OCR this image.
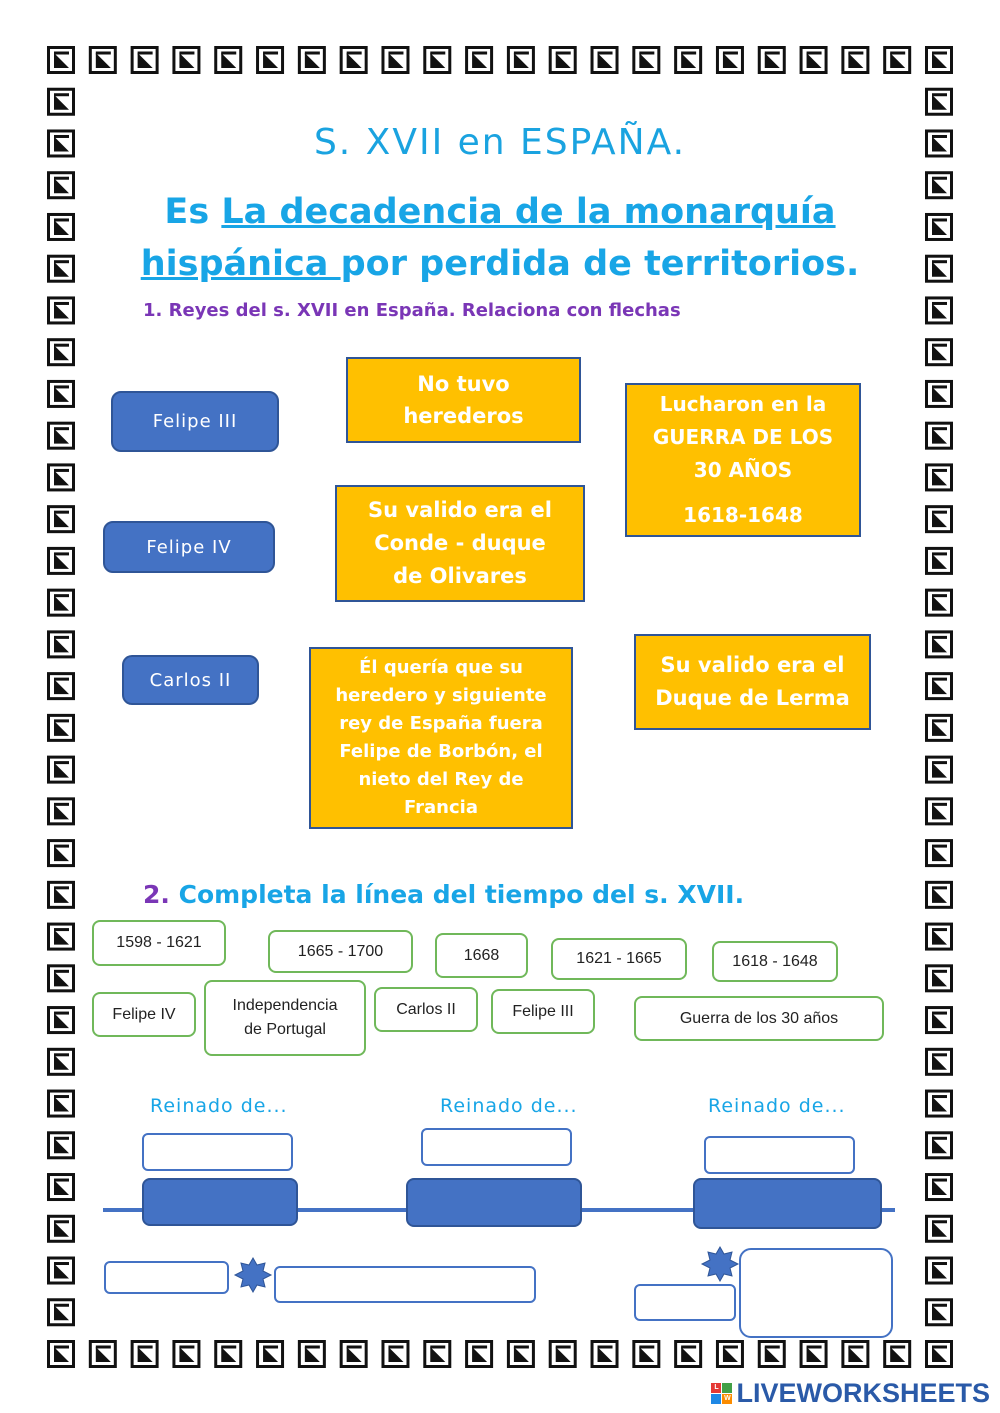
S. XVII en ESPAÑA.
Es La decadencia de la monarquía
hispánica por perdida de territorios.
1. Reyes del s. XVII en España. Relaciona con flechas
Felipe III
Felipe IV
Carlos II
No tuvo
herederos	Lucharon en la
GUERRA DE LOS
30 AÑOS
1618-1648
Su valido era el
Conde - duque
de Olivares
Su valido era el
Duque de Lerma
Él quería que su
heredero y siguiente
rey de España fuera
Felipe de Borbón, el
nieto del Rey de
Francia
2. Completa la línea del tiempo del s. XVII.
1598 - 1621	1665 - 1700	1668	1621 - 1665	1618 - 1648
Felipe IV	Independencia
de Portugal
Carlos II	Felipe III	Guerra de los 30 años
Reinado de...	Reinado de...	Reinado de...
L
W LIVEWORKSHEETS
